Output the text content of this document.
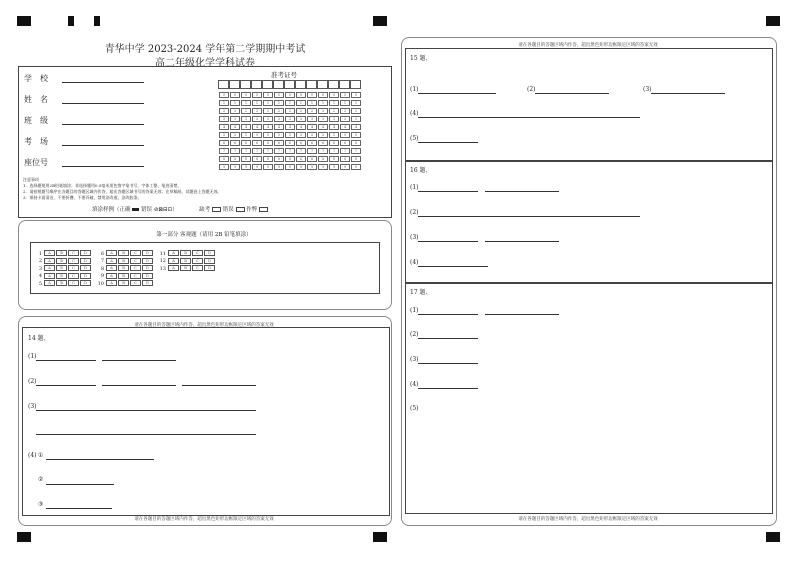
青华中学 2023-2024 学年第二学期期中考试
高二年级化学学科试卷
学　校
姓　名
班　级
考　场
座位号
准考证号
0	0	0	0	0	0	0	0	0	0	0	0	0
1	1	1	1	1	1	1	1	1	1	1	1	1
2	2	2	2	2	2	2	2	2	2	2	2	2
3	3	3	3	3	3	3	3	3	3	3	3	3
4	4	4	4	4	4	4	4	4	4	4	4	4
5	5	5	5	5	5	5	5	5	5	5	5	5
6	6	6	6	6	6	6	6	6	6	6	6	6
7	7	7	7	7	7	7	7	7	7	7	7	7
8	8	8	8	8	8	8	8	8	8	8	8	8
9	9	9	9	9	9	9	9	9	9	9	9	9
注意事项
1．选择题使用2B铅笔填涂；非选择题用0.5毫米黑色签字笔书写，字体工整、笔迹清楚。
2．请按照题号顺序在各题目的答题区域内作答，超出答题区域书写的答案无效；在草稿纸、试题卷上答题无效。
3．保持卡面清洁，不要折叠、不要弄破，禁用涂改液、涂改胶条。
填涂样例（正确 错误 ⊘⊠⊟⊡）	缺考 错误 作弊
第一部分 客观题（请用 2B 铅笔填涂）
1 A	B	C	D
2 A	B	C	D
3 A	B	C	D
4 A	B	C	D
5 A	B	C	D
6 A	B	C	D
7 A	B	C	D
8 A	B	C	D
9 A	B	C	D
10 A	B	C	D
11 A	B	C	D
12 A	B	C	D
13 A	B	C	D
请在各题目的答题区域内作答，超出黑色矩形边框限定区域的答案无效
请在各题目的答题区域内作答，超出黑色矩形边框限定区域的答案无效
14 题、
(1)
(2)
(3)
(4) ①
②
③
请在各题目的答题区域内作答，超出黑色矩形边框限定区域的答案无效
请在各题目的答题区域内作答，超出黑色矩形边框限定区域的答案无效
15 题、
(1)	(2)	(3)
(4)
(5)
16 题、
(1)
(2)
(3)
(4)
17 题、
(1)
(2)
(3)
(4)
(5)
